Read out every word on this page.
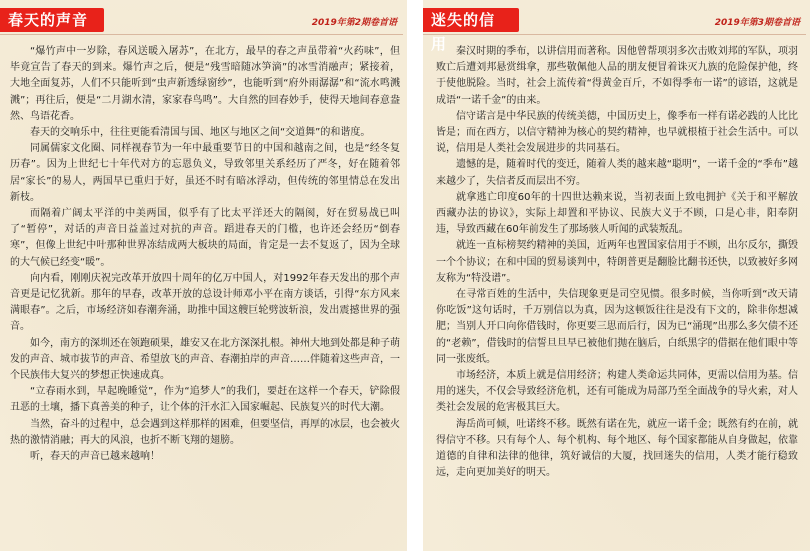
春天的声音	2019年第2期卷首语

“爆竹声中一岁除，春风送暖入屠苏”，在北方，最早的春之声虽带着“火药味”，但毕竟宣告了春天的到来。爆竹声之后，便是“残雪暗随冰笋滴”的冰雪消融声；紧接着，大地全面复苏，人们不只能听到“虫声新透绿窗纱”，也能听到“府外雨潺潺”和“流水鸣溅溅”；再往后，便是“二月湖水清，家家春鸟鸣”。大自然的回春妙手，使得天地间春意盎然、鸟语花香。

春天的交响乐中，往往更能看清国与国、地区与地区之间“交道舞”的和谐度。

同属儒家文化圈、同样视春节为一年中最重要节日的中国和越南之间，也是“经冬复历春”。因为上世纪七十年代对方的忘恩负义，导致邻里关系经历了严冬，好在随着邻居“家长”的易人，两国早已重归于好，虽还不时有暗冰浮动，但传统的邻里情总在发出新枝。

而隔着广阔太平洋的中美两国，似乎有了比太平洋还大的隔阂，好在贸易战已叫了“暂停”，对话的声音日益盖过对抗的声音。蹈进春天的门槛，也许还会经历“倒春寒”，但像上世纪中叶那种世界冻结成两大板块的局面，肯定是一去不复返了，因为全球的大气候已经变“暖”。

向内看，刚刚庆祝完改革开放四十周年的亿万中国人，对1992年春天发出的那个声音更是记忆犹新。那年的早春，改革开放的总设计师邓小平在南方谈话，引得“东方风来满眼春”。之后，市场经济如春潮奔涌，助推中国这艘巨轮劈波斩浪，发出震撼世界的强音。

如今，南方的深圳还在领跑硕果，雄安又在北方深深扎根。神州大地到处都是种子萌发的声音、城市拔节的声音、希望放飞的声音、春潮拍岸的声音……伴随着这些声音，一个民族伟大复兴的梦想正快速成真。

“立春雨水到，早起晚睡觉”，作为“追梦人”的我们，要赶在这样一个春天，铲除假丑恶的土壤，播下真善美的种子，让个体的汗水汇入国家崛起、民族复兴的时代大潮。

当然，奋斗的过程中，总会遇到这样那样的困难，但要坚信，再厚的冰层，也会被火热的激情消融；再大的风浪，也折不断飞翔的翅膀。

听，春天的声音已越来越响！

迷失的信用
2019年第3期卷首语

秦汉时期的季布，以讲信用而著称。因他曾帮项羽多次击败刘邦的军队，项羽败亡后遭刘邦悬赏缉拿，那些敬佩他人品的朋友便冒着诛灭九族的危险保护他，终于使他脱险。当时，社会上流传着“得黄金百斤，不如得季布一诺”的谚语，这就是成语“一诺千金”的由来。

信守诺言是中华民族的传统美德，中国历史上，像季布一样有诺必践的人比比皆是；而在西方，以信守精神为核心的契约精神，也早就根植于社会生活中。可以说，信用是人类社会发展进步的共同基石。

遗憾的是，随着时代的变迁，随着人类的越来越“聪明”，一诺千金的“季布”越来越少了，失信者反而层出不穷。

就拿逃亡印度60年的十四世达赖来说，当初表面上致电拥护《关于和平解放西藏办法的协议》，实际上却置和平协议、民族大义于不顾，口是心非，阳奉阴违，导致西藏在60年前发生了那场骇人听闻的武装叛乱。

就连一直标榜契约精神的美国，近两年也置国家信用于不顾，出尔反尔，撕毁一个个协议；在和中国的贸易谈判中，特朗普更是翻脸比翻书还快，以致被好多网友称为“特没谱”。

在寻常百姓的生活中，失信现象更是司空见惯。很多时候，当你听到“改天请你吃饭”这句话时，千万别信以为真，因为这顿饭往往是没有下文的，除非你想减肥；当别人开口向你借钱时，你更要三思而后行，因为已“涌现”出那么多欠债不还的“老赖”，借钱时的信誓旦旦早已被他们抛在脑后，白纸黑字的借据在他们眼中等同一张废纸。

市场经济，本质上就是信用经济；构建人类命运共同体，更需以信用为基。信用的迷失，不仅会导致经济危机，还有可能成为局部乃至全面战争的导火索，对人类社会发展的危害极其巨大。

海岳尚可倾，吐诺终不移。既然有诺在先，就应一诺千金；既然有约在前，就得信守不移。只有每个人、每个机构、每个地区、每个国家都能从自身做起，依靠道德的自律和法律的他律，筑好诚信的大厦，找回迷失的信用，人类才能行稳致远，走向更加美好的明天。
